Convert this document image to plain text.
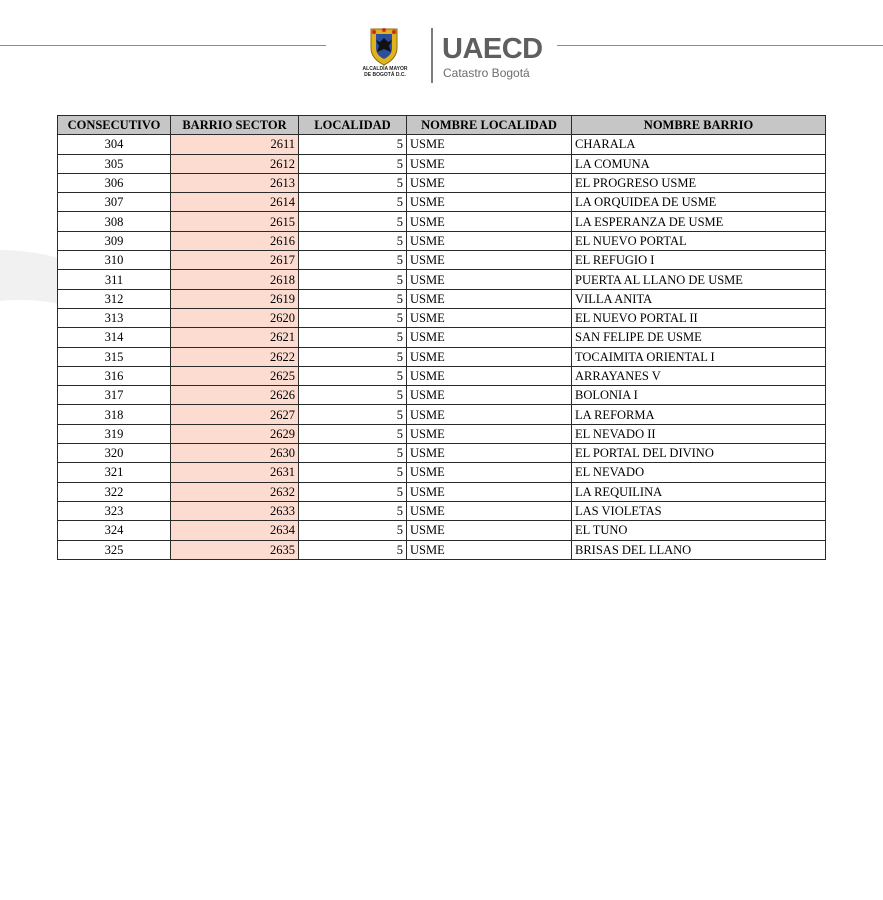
ALCALDÍA MAYOR
DE BOGOTÁ D.C.
UAECD
Catastro Bogotá
CONSECUTIVO	BARRIO SECTOR	LOCALIDAD	NOMBRE LOCALIDAD	NOMBRE BARRIO
304	2611	5	USME	CHARALA
305	2612	5	USME	LA COMUNA
306	2613	5	USME	EL PROGRESO USME
307	2614	5	USME	LA ORQUIDEA DE USME
308	2615	5	USME	LA ESPERANZA DE USME
309	2616	5	USME	EL NUEVO PORTAL
310	2617	5	USME	EL REFUGIO I
311	2618	5	USME	PUERTA AL LLANO DE USME
312	2619	5	USME	VILLA ANITA
313	2620	5	USME	EL NUEVO PORTAL II
314	2621	5	USME	SAN FELIPE DE USME
315	2622	5	USME	TOCAIMITA ORIENTAL I
316	2625	5	USME	ARRAYANES V
317	2626	5	USME	BOLONIA I
318	2627	5	USME	LA REFORMA
319	2629	5	USME	EL NEVADO II
320	2630	5	USME	EL PORTAL DEL DIVINO
321	2631	5	USME	EL NEVADO
322	2632	5	USME	LA REQUILINA
323	2633	5	USME	LAS VIOLETAS
324	2634	5	USME	EL TUNO
325	2635	5	USME	BRISAS DEL LLANO
